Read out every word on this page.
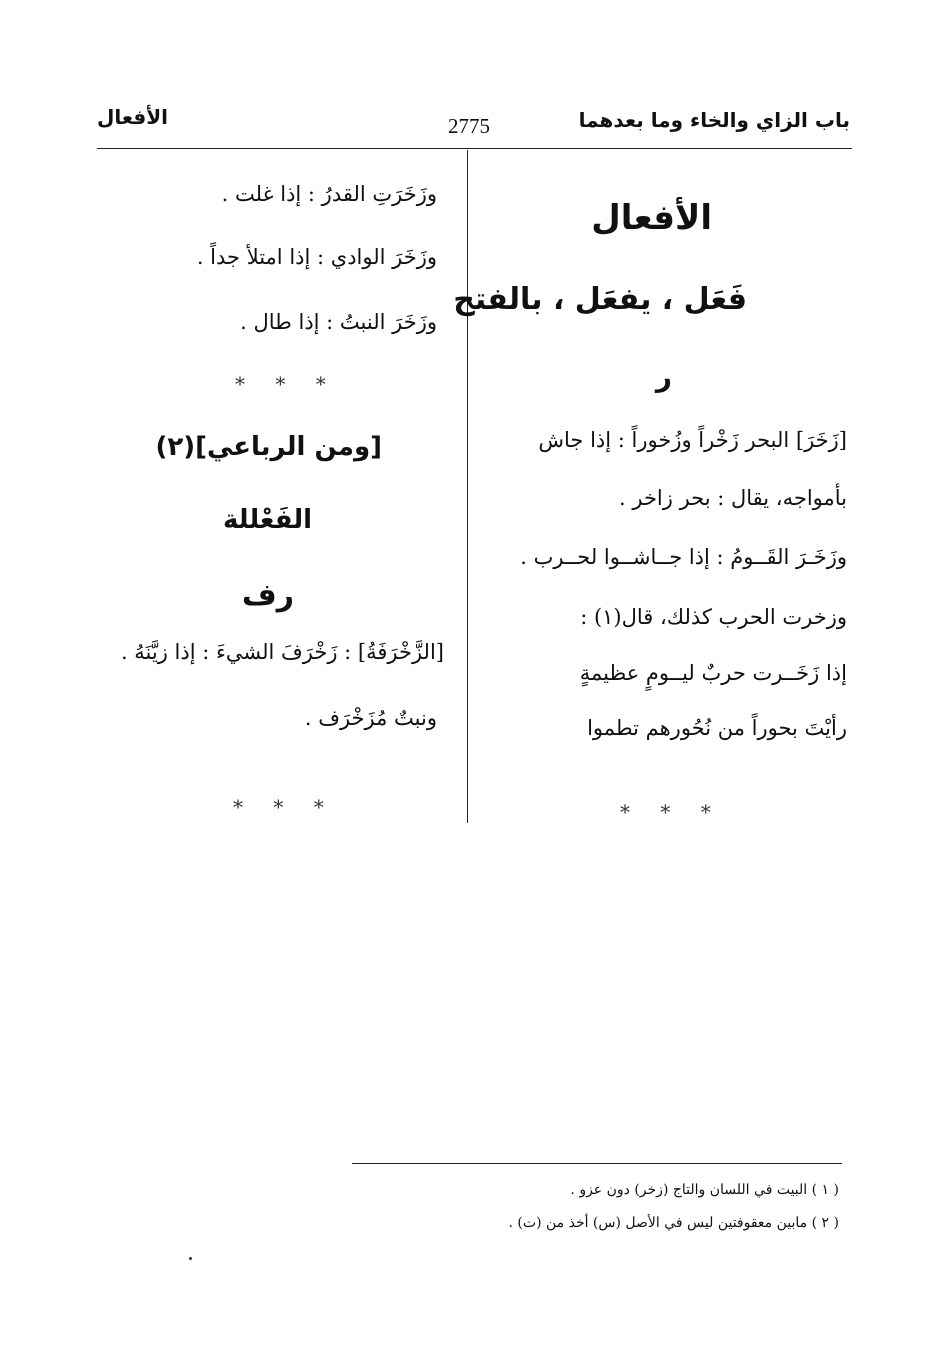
باب الزاي والخاء وما بعدهما
2775
الأفعال
الأفعال
فَعَل ، يفعَل ، بالفتح
ر
[زَخَرَ] البحر زَخْراً وزُخوراً : إذا جاش
بأمواجه، يقال : بحر زاخر .
وزَخَـرَ القَــومُ : إذا جــاشــوا لحــرب .
وزخرت الحرب كذلك، قال(١) :
إذا زَخَــرت حربٌ ليــومٍ عظيمةٍ
رأيْتَ بحوراً من نُحُورهم تطموا
* * *
وزَخَرَتِ القدرُ : إذا غلت .
وزَخَرَ الوادي : إذا امتلأ جداً .
وزَخَرَ النبتُ : إذا طال .
* * *
[ومن الرباعي](٢)
الفَعْللة
رف
[الزَّخْرَفَةُ] : زَخْرَفَ الشيءَ : إذا زيَّنَهُ .
ونبتٌ مُزَخْرَف .
* * *
( ١ ) البيت في اللسان والتاج (زخر) دون عزو .
( ٢ ) مابين معقوفتين ليس في الأصل (س) أخذ من (ت) .
